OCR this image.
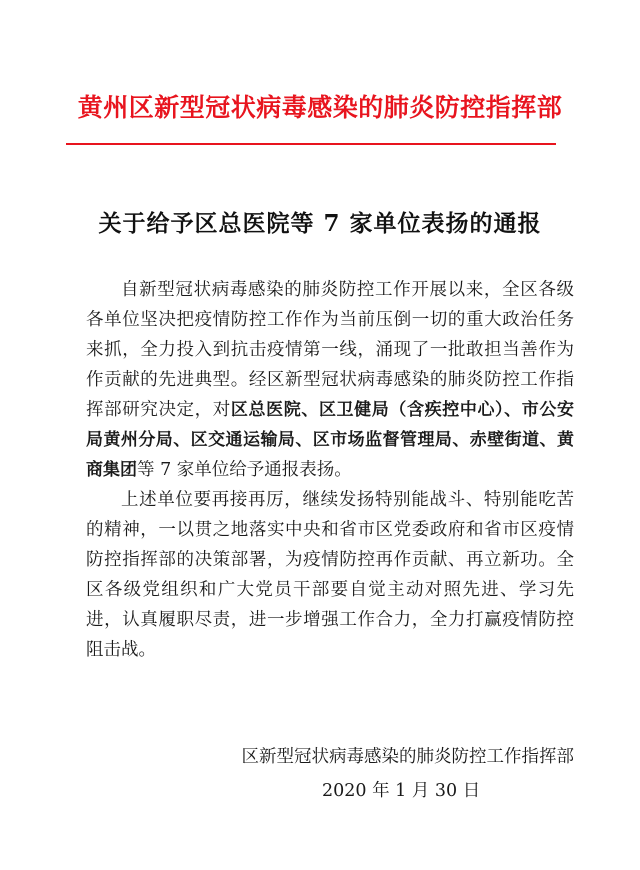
黄州区新型冠状病毒感染的肺炎防控指挥部
关于给予区总医院等 7 家单位表扬的通报

自新型冠状病毒感染的肺炎防控工作开展以来，全区各级各单位坚决把疫情防控工作作为当前压倒一切的重大政治任务来抓，全力投入到抗击疫情第一线，涌现了一批敢担当善作为作贡献的先进典型。经区新型冠状病毒感染的肺炎防控工作指挥部研究决定，对区总医院、区卫健局（含疾控中心）、市公安局黄州分局、区交通运输局、区市场监督管理局、赤壁街道、黄商集团等 7 家单位给予通报表扬。

上述单位要再接再厉，继续发扬特别能战斗、特别能吃苦的精神，一以贯之地落实中央和省市区党委政府和省市区疫情防控指挥部的决策部署，为疫情防控再作贡献、再立新功。全区各级党组织和广大党员干部要自觉主动对照先进、学习先进，认真履职尽责，进一步增强工作合力，全力打赢疫情防控阻击战。

区新型冠状病毒感染的肺炎防控工作指挥部
2020 年 1 月 30 日
